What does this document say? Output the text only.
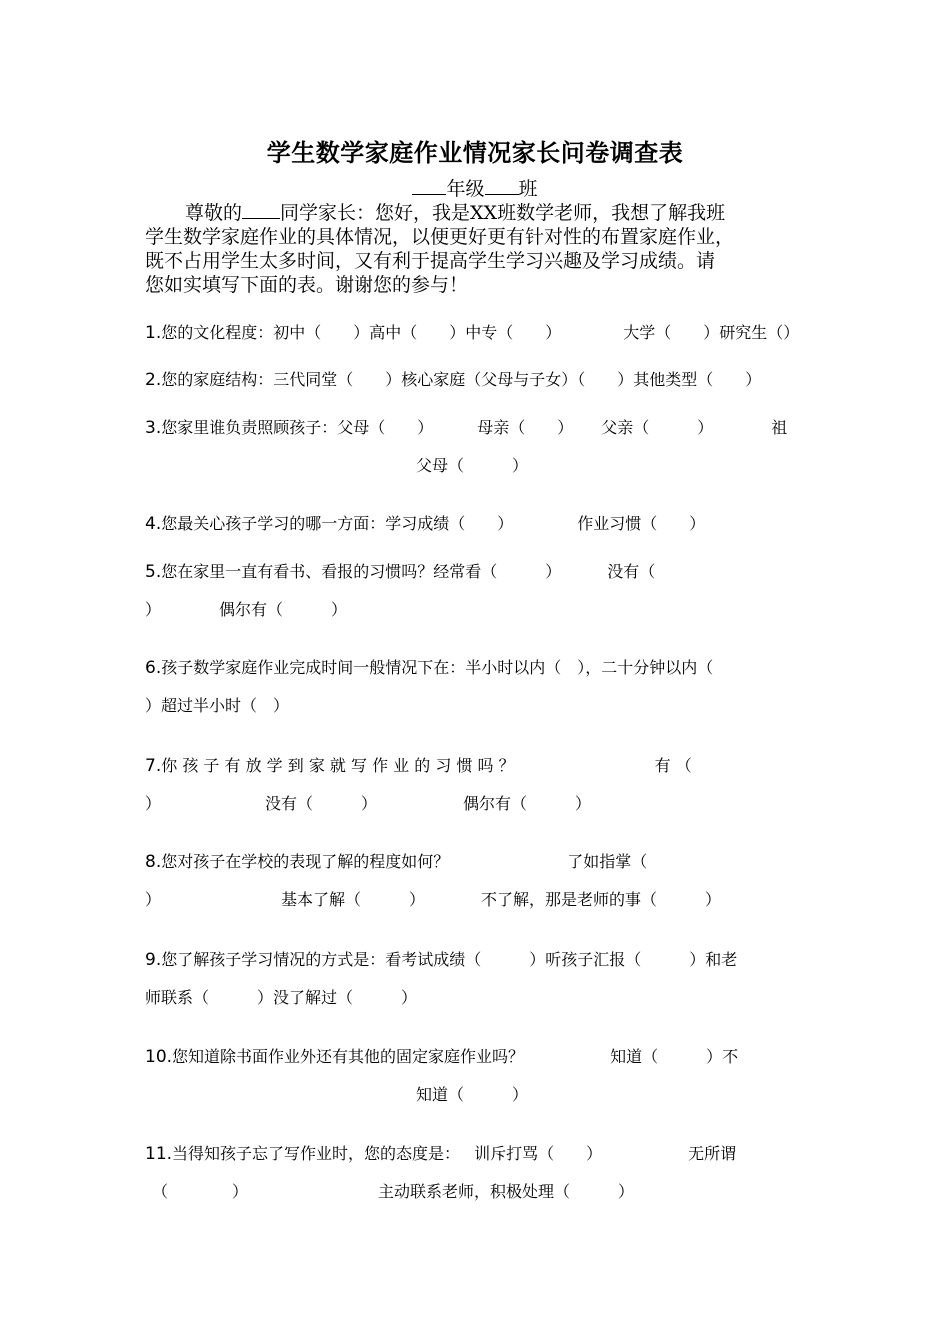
学生数学家庭作业情况家长问卷调查表
年级 班
尊敬的 同学家长：您好，我是XX班数学老师，我想了解我班
学生数学家庭作业的具体情况，以便更好更有针对性的布置家庭作业，
既不占用学生太多时间，又有利于提高学生学习兴趣及学习成绩。请
您如实填写下面的表。谢谢您的参与！
1.您的文化程度：初中（　　）高中（　　）中专（　　）	大学（　　）研究生（）
2.您的家庭结构：三代同堂（　　）核心家庭（父母与子女）（　　）其他类型（　　）
3.您家里谁负责照顾孩子：父母（　　）	母亲（　　） 父亲（　　　）	祖
父母（　　　）
4.您最关心孩子学习的哪一方面：学习成绩（　　）	作业习惯（　　）
5.您在家里一直有看书、看报的习惯吗？经常看（　　　）	没有（
）	偶尔有（　　　）
6.孩子数学家庭作业完成时间一般情况下在：半小时以内（　），二十分钟以内（
）超过半小时（　）
7.你 孩 子 有 放 学 到 家 就 写 作 业 的 习 惯 吗 ？	有 （
）	没有（　　　）	偶尔有（　　　）
8.您对孩子在学校的表现了解的程度如何？	了如指掌（
）	基本了解（　　　）	不了解，那是老师的事（　　　）
9.您了解孩子学习情况的方式是：看考试成绩（　　　）听孩子汇报（　　　）和老
师联系（　　　）没了解过（　　　）
10.您知道除书面作业外还有其他的固定家庭作业吗？	知道（　　　）不
知道（　　　）
11.当得知孩子忘了写作业时，您的态度是： 训斥打骂（　　）	无所谓
（　　　　）	主动联系老师，积极处理（　　　）
